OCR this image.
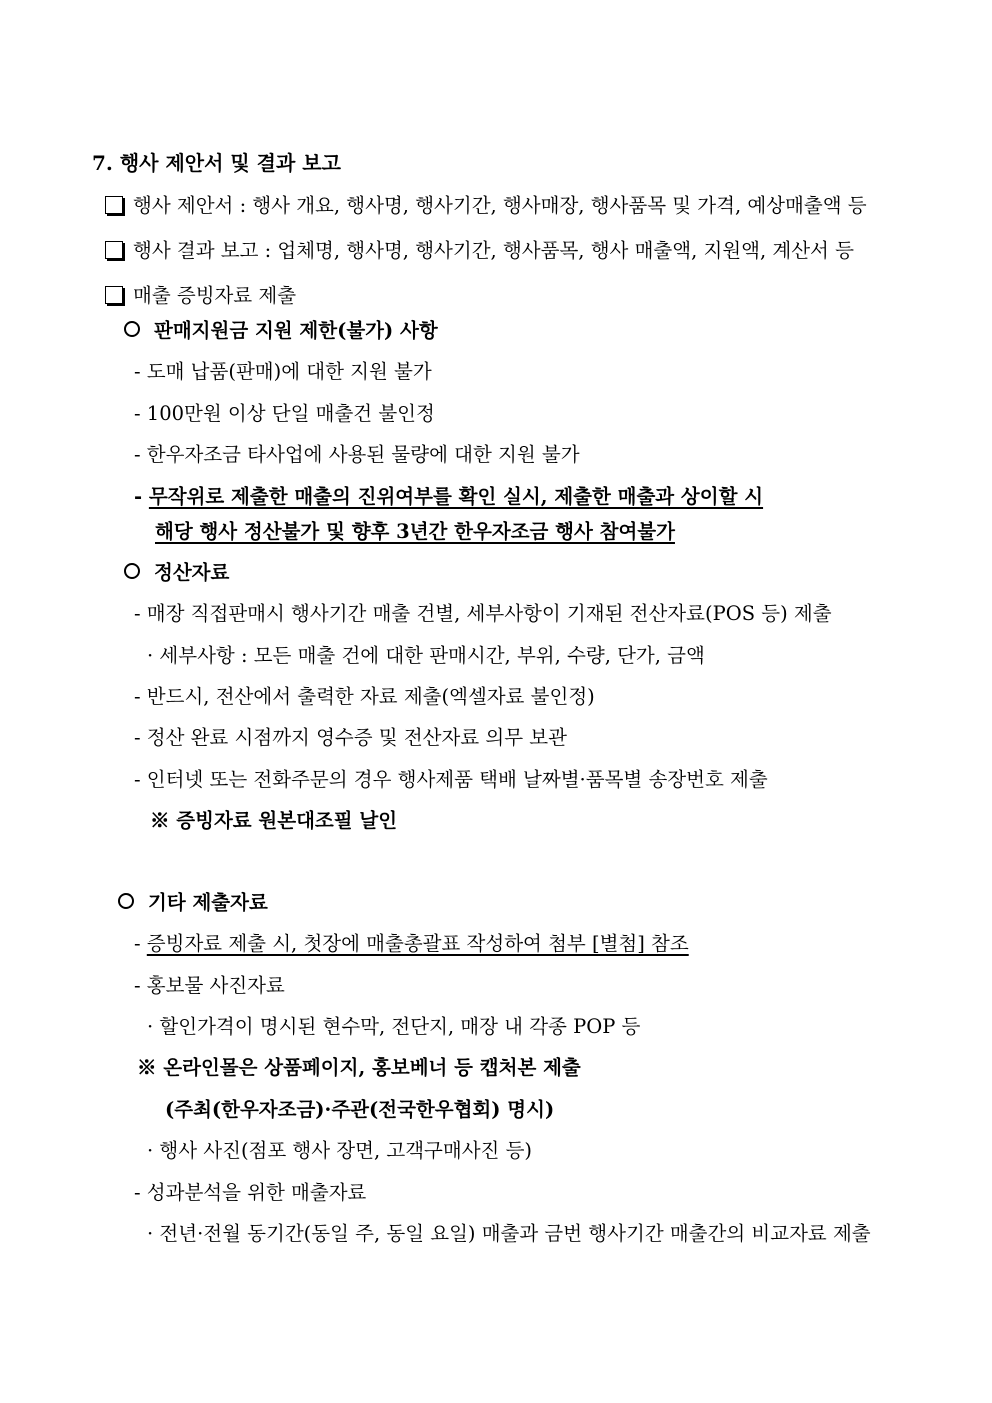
7. 행사 제안서 및 결과 보고
행사 제안서 : 행사 개요, 행사명, 행사기간, 행사매장, 행사품목 및 가격, 예상매출액 등
행사 결과 보고 : 업체명, 행사명, 행사기간, 행사품목, 행사 매출액, 지원액, 계산서 등
매출 증빙자료 제출
판매지원금 지원 제한(불가) 사항
- 도매 납품(판매)에 대한 지원 불가
- 100만원 이상 단일 매출건 불인정
- 한우자조금 타사업에 사용된 물량에 대한 지원 불가
- 무작위로 제출한 매출의 진위여부를 확인 실시, 제출한 매출과 상이할 시
해당 행사 정산불가 및 향후 3년간 한우자조금 행사 참여불가
정산자료
- 매장 직접판매시 행사기간 매출 건별, 세부사항이 기재된 전산자료(POS 등) 제출
· 세부사항 : 모든 매출 건에 대한 판매시간, 부위, 수량, 단가, 금액
- 반드시, 전산에서 출력한 자료 제출(엑셀자료 불인정)
- 정산 완료 시점까지 영수증 및 전산자료 의무 보관
- 인터넷 또는 전화주문의 경우 행사제품 택배 날짜별·품목별 송장번호 제출
※ 증빙자료 원본대조필 날인
기타 제출자료
- 증빙자료 제출 시, 첫장에 매출총괄표 작성하여 첨부 [별첨] 참조
- 홍보물 사진자료
· 할인가격이 명시된 현수막, 전단지, 매장 내 각종 POP 등
※ 온라인몰은 상품페이지, 홍보베너 등 캡처본 제출
(주최(한우자조금)·주관(전국한우협회) 명시)
· 행사 사진(점포 행사 장면, 고객구매사진 등)
- 성과분석을 위한 매출자료
· 전년·전월 동기간(동일 주, 동일 요일) 매출과 금번 행사기간 매출간의 비교자료 제출
